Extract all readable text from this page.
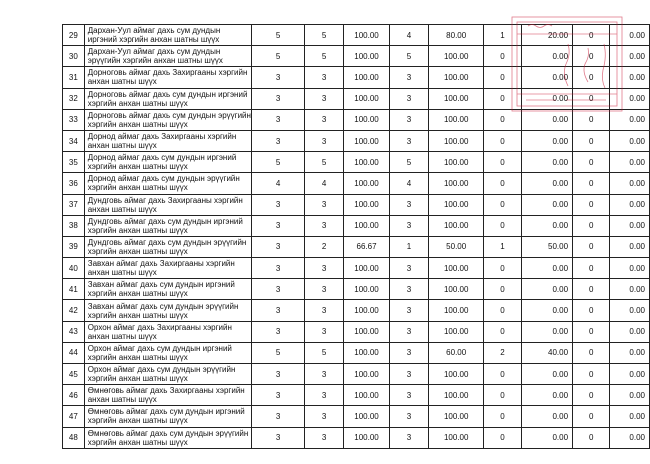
29	Дархан-Уул аймаг дахь сум дундын иргэний хэргийн анхан шатны шүүх	5	5	100.00	4	80.00	1	20.00	0	0.00
30	Дархан-Уул аймаг дахь сум дундын эрүүгийн хэргийн анхан шатны шүүх	5	5	100.00	5	100.00	0	0.00	0	0.00
31	Дорноговь аймаг дахь Захиргааны хэргийн анхан шатны шүүх	3	3	100.00	3	100.00	0	0.00	0	0.00
32	Дорноговь аймаг дахь сум дундын иргэний хэргийн анхан шатны шүүх	3	3	100.00	3	100.00	0	0.00	0	0.00
33	Дорноговь аймаг дахь сум дундын эрүүгийн хэргийн анхан шатны шүүх	3	3	100.00	3	100.00	0	0.00	0	0.00
34	Дорнод аймаг дахь Захиргааны хэргийн анхан шатны шүүх	3	3	100.00	3	100.00	0	0.00	0	0.00
35	Дорнод аймаг дахь сум дундын иргэний хэргийн анхан шатны шүүх	5	5	100.00	5	100.00	0	0.00	0	0.00
36	Дорнод аймаг дахь сум дундын эрүүгийн хэргийн анхан шатны шүүх	4	4	100.00	4	100.00	0	0.00	0	0.00
37	Дундговь аймаг дахь Захиргааны хэргийн анхан шатны шүүх	3	3	100.00	3	100.00	0	0.00	0	0.00
38	Дундговь аймаг дахь сум дундын иргэний хэргийн анхан шатны шүүх	3	3	100.00	3	100.00	0	0.00	0	0.00
39	Дундговь аймаг дахь сум дундын эрүүгийн хэргийн анхан шатны шүүх	3	2	66.67	1	50.00	1	50.00	0	0.00
40	Завхан аймаг дахь Захиргааны хэргийн анхан шатны шүүх	3	3	100.00	3	100.00	0	0.00	0	0.00
41	Завхан аймаг дахь сум дундын иргэний хэргийн анхан шатны шүүх	3	3	100.00	3	100.00	0	0.00	0	0.00
42	Завхан аймаг дахь сум дундын эрүүгийн хэргийн анхан шатны шүүх	3	3	100.00	3	100.00	0	0.00	0	0.00
43	Орхон аймаг дахь Захиргааны хэргийн анхан шатны шүүх	3	3	100.00	3	100.00	0	0.00	0	0.00
44	Орхон аймаг дахь сум дундын иргэний хэргийн анхан шатны шүүх	5	5	100.00	3	60.00	2	40.00	0	0.00
45	Орхон аймаг дахь сум дундын эрүүгийн хэргийн анхан шатны шүүх	3	3	100.00	3	100.00	0	0.00	0	0.00
46	Өмнөговь аймаг дахь Захиргааны хэргийн анхан шатны шүүх	3	3	100.00	3	100.00	0	0.00	0	0.00
47	Өмнөговь аймаг дахь сум дундын иргэний хэргийн анхан шатны шүүх	3	3	100.00	3	100.00	0	0.00	0	0.00
48	Өмнөговь аймаг дахь сум дундын эрүүгийн хэргийн анхан шатны шүүх	3	3	100.00	3	100.00	0	0.00	0	0.00
